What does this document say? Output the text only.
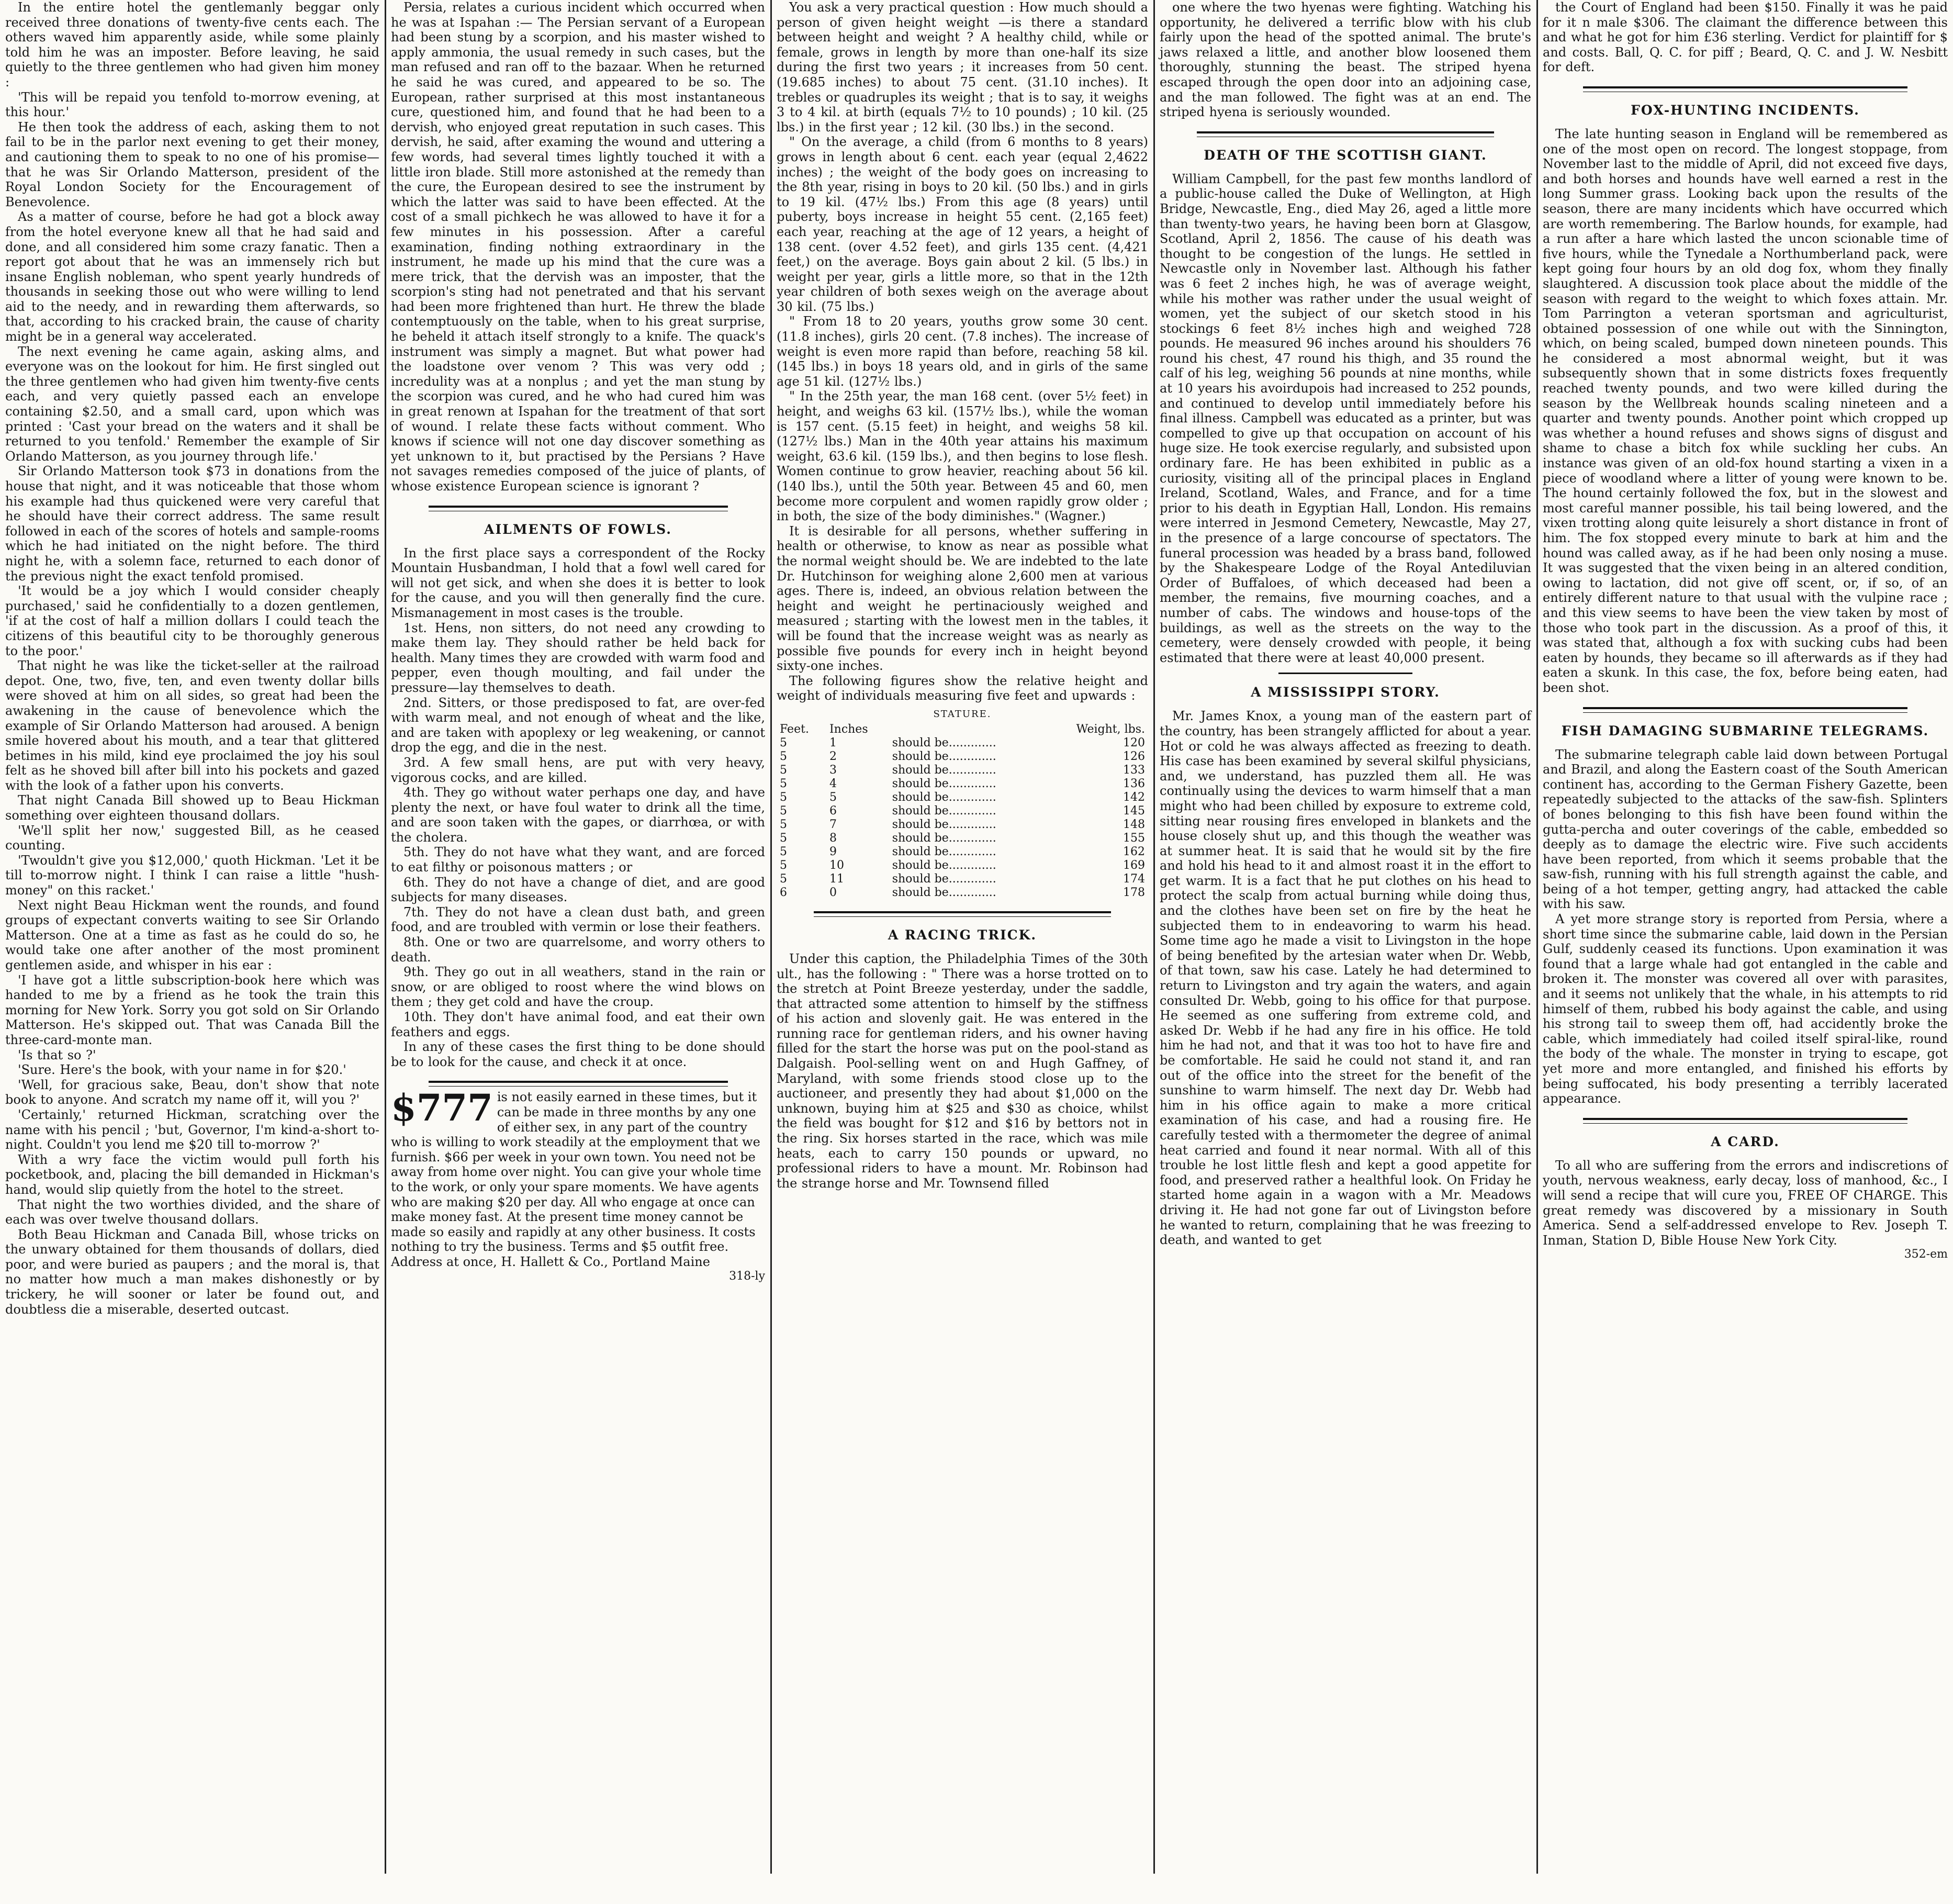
In the entire hotel the gentlemanly beggar only received three donations of twenty-five cents each. The others waved him apparently aside, while some plainly told him he was an imposter. Before leaving, he said quietly to the three gentlemen who had given him money :

'This will be repaid you tenfold to-morrow evening, at this hour.'

He then took the address of each, asking them to not fail to be in the parlor next evening to get their money, and cautioning them to speak to no one of his promise—that he was Sir Orlando Matterson, president of the Royal London Society for the Encouragement of Benevolence.

As a matter of course, before he had got a block away from the hotel everyone knew all that he had said and done, and all considered him some crazy fanatic. Then a report got about that he was an immensely rich but insane English nobleman, who spent yearly hundreds of thousands in seeking those out who were willing to lend aid to the needy, and in rewarding them afterwards, so that, according to his cracked brain, the cause of charity might be in a general way accelerated.

The next evening he came again, asking alms, and everyone was on the lookout for him. He first singled out the three gentlemen who had given him twenty-five cents each, and very quietly passed each an envelope containing $2.50, and a small card, upon which was printed : 'Cast your bread on the waters and it shall be returned to you tenfold.' Remember the example of Sir Orlando Matterson, as you journey through life.'

Sir Orlando Matterson took $73 in donations from the house that night, and it was noticeable that those whom his example had thus quickened were very careful that he should have their correct address. The same result followed in each of the scores of hotels and sample-rooms which he had initiated on the night before. The third night he, with a solemn face, returned to each donor of the previous night the exact tenfold promised.

'It would be a joy which I would consider cheaply purchased,' said he confidentially to a dozen gentlemen, 'if at the cost of half a million dollars I could teach the citizens of this beautiful city to be thoroughly generous to the poor.'

That night he was like the ticket-seller at the railroad depot. One, two, five, ten, and even twenty dollar bills were shoved at him on all sides, so great had been the awakening in the cause of benevolence which the example of Sir Orlando Matterson had aroused. A benign smile hovered about his mouth, and a tear that glittered betimes in his mild, kind eye proclaimed the joy his soul felt as he shoved bill after bill into his pockets and gazed with the look of a father upon his converts.

That night Canada Bill showed up to Beau Hickman something over eighteen thousand dollars.

'We'll split her now,' suggested Bill, as he ceased counting.

'Twouldn't give you $12,000,' quoth Hickman. 'Let it be till to-morrow night. I think I can raise a little "hush-money" on this racket.'

Next night Beau Hickman went the rounds, and found groups of expectant converts waiting to see Sir Orlando Matterson. One at a time as fast as he could do so, he would take one after another of the most prominent gentlemen aside, and whisper in his ear :

'I have got a little subscription-book here which was handed to me by a friend as he took the train this morning for New York. Sorry you got sold on Sir Orlando Matterson. He's skipped out. That was Canada Bill the three-card-monte man.

'Is that so ?'

'Sure. Here's the book, with your name in for $20.'

'Well, for gracious sake, Beau, don't show that note book to anyone. And scratch my name off it, will you ?'

'Certainly,' returned Hickman, scratching over the name with his pencil ; 'but, Governor, I'm kind-a-short to-night. Couldn't you lend me $20 till to-morrow ?'

With a wry face the victim would pull forth his pocketbook, and, placing the bill demanded in Hickman's hand, would slip quietly from the hotel to the street.

That night the two worthies divided, and the share of each was over twelve thousand dollars.

Both Beau Hickman and Canada Bill, whose tricks on the unwary obtained for them thousands of dollars, died poor, and were buried as paupers ; and the moral is, that no matter how much a man makes dishonestly or by trickery, he will sooner or later be found out, and doubtless die a miserable, deserted outcast.

Persia, relates a curious incident which occurred when he was at Ispahan :— The Persian servant of a European had been stung by a scorpion, and his master wished to apply ammonia, the usual remedy in such cases, but the man refused and ran off to the bazaar. When he returned he said he was cured, and appeared to be so. The European, rather surprised at this most instantaneous cure, questioned him, and found that he had been to a dervish, who enjoyed great reputation in such cases. This dervish, he said, after examing the wound and uttering a few words, had several times lightly touched it with a little iron blade. Still more astonished at the remedy than the cure, the European desired to see the instrument by which the latter was said to have been effected. At the cost of a small pichkech he was allowed to have it for a few minutes in his possession. After a careful examination, finding nothing extraordinary in the instrument, he made up his mind that the cure was a mere trick, that the dervish was an imposter, that the scorpion's sting had not penetrated and that his servant had been more frightened than hurt. He threw the blade contemptuously on the table, when to his great surprise, he beheld it attach itself strongly to a knife. The quack's instrument was simply a magnet. But what power had the loadstone over venom ? This was very odd ; incredulity was at a nonplus ; and yet the man stung by the scorpion was cured, and he who had cured him was in great renown at Ispahan for the treatment of that sort of wound. I relate these facts without comment. Who knows if science will not one day discover something as yet unknown to it, but practised by the Persians ? Have not savages remedies composed of the juice of plants, of whose existence European science is ignorant ?

AILMENTS OF FOWLS.

In the first place says a correspondent of the Rocky Mountain Husbandman, I hold that a fowl well cared for will not get sick, and when she does it is better to look for the cause, and you will then generally find the cure. Mismanagement in most cases is the trouble.

1st. Hens, non sitters, do not need any crowding to make them lay. They should rather be held back for health. Many times they are crowded with warm food and pepper, even though moulting, and fail under the pressure—lay themselves to death.

2nd. Sitters, or those predisposed to fat, are over-fed with warm meal, and not enough of wheat and the like, and are taken with apoplexy or leg weakening, or cannot drop the egg, and die in the nest.

3rd. A few small hens, are put with very heavy, vigorous cocks, and are killed.

4th. They go without water perhaps one day, and have plenty the next, or have foul water to drink all the time, and are soon taken with the gapes, or diarrhœa, or with the cholera.

5th. They do not have what they want, and are forced to eat filthy or poisonous matters ; or

6th. They do not have a change of diet, and are good subjects for many diseases.

7th. They do not have a clean dust bath, and green food, and are troubled with vermin or lose their feathers.

8th. One or two are quarrelsome, and worry others to death.

9th. They go out in all weathers, stand in the rain or snow, or are obliged to roost where the wind blows on them ; they get cold and have the croup.

10th. They don't have animal food, and eat their own feathers and eggs.

In any of these cases the first thing to be done should be to look for the cause, and check it at once.

$777 is not easily earned in these times, but it can be made in three months by any one of either sex, in any part of the country who is willing to work steadily at the employment that we furnish. $66 per week in your own town. You need not be away from home over night. You can give your whole time to the work, or only your spare moments. We have agents who are making $20 per day. All who engage at once can make money fast. At the present time money cannot be made so easily and rapidly at any other business. It costs nothing to try the business. Terms and $5 outfit free. Address at once, H. Hallett & Co., Portland Maine

318-ly

You ask a very practical question : How much should a person of given height weight —is there a standard between height and weight ? A healthy child, while or female, grows in length by more than one-half its size during the first two years ; it increases from 50 cent. (19.685 inches) to about 75 cent. (31.10 inches). It trebles or quadruples its weight ; that is to say, it weighs 3 to 4 kil. at birth (equals 7½ to 10 pounds) ; 10 kil. (25 lbs.) in the first year ; 12 kil. (30 lbs.) in the second.

" On the average, a child (from 6 months to 8 years) grows in length about 6 cent. each year (equal 2,4622 inches) ; the weight of the body goes on increasing to the 8th year, rising in boys to 20 kil. (50 lbs.) and in girls to 19 kil. (47½ lbs.) From this age (8 years) until puberty, boys increase in height 55 cent. (2,165 feet) each year, reaching at the age of 12 years, a height of 138 cent. (over 4.52 feet), and girls 135 cent. (4,421 feet,) on the average. Boys gain about 2 kil. (5 lbs.) in weight per year, girls a little more, so that in the 12th year children of both sexes weigh on the average about 30 kil. (75 lbs.)

" From 18 to 20 years, youths grow some 30 cent. (11.8 inches), girls 20 cent. (7.8 inches). The increase of weight is even more rapid than before, reaching 58 kil. (145 lbs.) in boys 18 years old, and in girls of the same age 51 kil. (127½ lbs.)

" In the 25th year, the man 168 cent. (over 5½ feet) in height, and weighs 63 kil. (157½ lbs.), while the woman is 157 cent. (5.15 feet) in height, and weighs 58 kil. (127½ lbs.) Man in the 40th year attains his maximum weight, 63.6 kil. (159 lbs.), and then begins to lose flesh. Women continue to grow heavier, reaching about 56 kil. (140 lbs.), until the 50th year. Between 45 and 60, men become more corpulent and women rapidly grow older ; in both, the size of the body diminishes." (Wagner.)

It is desirable for all persons, whether suffering in health or otherwise, to know as near as possible what the normal weight should be. We are indebted to the late Dr. Hutchinson for weighing alone 2,600 men at various ages. There is, indeed, an obvious relation between the height and weight he pertinaciously weighed and measured ; starting with the lowest men in the tables, it will be found that the increase weight was as nearly as possible five pounds for every inch in height beyond sixty-one inches.

The following figures show the relative height and weight of individuals measuring five feet and upwards :

STATURE.
Feet.	Inches		Weight, lbs.
5	1	should be.............	120
5	2	should be.............	126
5	3	should be.............	133
5	4	should be.............	136
5	5	should be.............	142
5	6	should be.............	145
5	7	should be.............	148
5	8	should be.............	155
5	9	should be.............	162
5	10	should be.............	169
5	11	should be.............	174
6	0	should be.............	178
A RACING TRICK.

Under this caption, the Philadelphia Times of the 30th ult., has the following : " There was a horse trotted on to the stretch at Point Breeze yesterday, under the saddle, that attracted some attention to himself by the stiffness of his action and slovenly gait. He was entered in the running race for gentleman riders, and his owner having filled for the start the horse was put on the pool-stand as Dalgaish. Pool-selling went on and Hugh Gaffney, of Maryland, with some friends stood close up to the auctioneer, and presently they had about $1,000 on the unknown, buying him at $25 and $30 as choice, whilst the field was bought for $12 and $16 by bettors not in the ring. Six horses started in the race, which was mile heats, each to carry 150 pounds or upward, no professional riders to have a mount. Mr. Robinson had the strange horse and Mr. Townsend filled

one where the two hyenas were fighting. Watching his opportunity, he delivered a terrific blow with his club fairly upon the head of the spotted animal. The brute's jaws relaxed a little, and another blow loosened them thoroughly, stunning the beast. The striped hyena escaped through the open door into an adjoining case, and the man followed. The fight was at an end. The striped hyena is seriously wounded.

DEATH OF THE SCOTTISH GIANT.

William Campbell, for the past few months landlord of a public-house called the Duke of Wellington, at High Bridge, Newcastle, Eng., died May 26, aged a little more than twenty-two years, he having been born at Glasgow, Scotland, April 2, 1856. The cause of his death was thought to be congestion of the lungs. He settled in Newcastle only in November last. Although his father was 6 feet 2 inches high, he was of average weight, while his mother was rather under the usual weight of women, yet the subject of our sketch stood in his stockings 6 feet 8½ inches high and weighed 728 pounds. He measured 96 inches around his shoulders 76 round his chest, 47 round his thigh, and 35 round the calf of his leg, weighing 56 pounds at nine months, while at 10 years his avoirdupois had increased to 252 pounds, and continued to develop until immediately before his final illness. Campbell was educated as a printer, but was compelled to give up that occupation on account of his huge size. He took exercise regularly, and subsisted upon ordinary fare. He has been exhibited in public as a curiosity, visiting all of the principal places in England Ireland, Scotland, Wales, and France, and for a time prior to his death in Egyptian Hall, London. His remains were interred in Jesmond Cemetery, Newcastle, May 27, in the presence of a large concourse of spectators. The funeral procession was headed by a brass band, followed by the Shakespeare Lodge of the Royal Antediluvian Order of Buffaloes, of which deceased had been a member, the remains, five mourning coaches, and a number of cabs. The windows and house-tops of the buildings, as well as the streets on the way to the cemetery, were densely crowded with people, it being estimated that there were at least 40,000 present.

A MISSISSIPPI STORY.

Mr. James Knox, a young man of the eastern part of the country, has been strangely afflicted for about a year. Hot or cold he was always affected as freezing to death. His case has been examined by several skilful physicians, and, we understand, has puzzled them all. He was continually using the devices to warm himself that a man might who had been chilled by exposure to extreme cold, sitting near rousing fires enveloped in blankets and the house closely shut up, and this though the weather was at summer heat. It is said that he would sit by the fire and hold his head to it and almost roast it in the effort to get warm. It is a fact that he put clothes on his head to protect the scalp from actual burning while doing thus, and the clothes have been set on fire by the heat he subjected them to in endeavoring to warm his head. Some time ago he made a visit to Livingston in the hope of being benefited by the artesian water when Dr. Webb, of that town, saw his case. Lately he had determined to return to Livingston and try again the waters, and again consulted Dr. Webb, going to his office for that purpose. He seemed as one suffering from extreme cold, and asked Dr. Webb if he had any fire in his office. He told him he had not, and that it was too hot to have fire and be comfortable. He said he could not stand it, and ran out of the office into the street for the benefit of the sunshine to warm himself. The next day Dr. Webb had him in his office again to make a more critical examination of his case, and had a rousing fire. He carefully tested with a thermometer the degree of animal heat carried and found it near normal. With all of this trouble he lost little flesh and kept a good appetite for food, and preserved rather a healthful look. On Friday he started home again in a wagon with a Mr. Meadows driving it. He had not gone far out of Livingston before he wanted to return, complaining that he was freezing to death, and wanted to get

the Court of England had been $150. Finally it was he paid for it n male $306. The claimant the difference between this and what he got for him £36 sterling. Verdict for plaintiff for $ and costs. Ball, Q. C. for piff ; Beard, Q. C. and J. W. Nesbitt for deft.

FOX-HUNTING INCIDENTS.

The late hunting season in England will be remembered as one of the most open on record. The longest stoppage, from November last to the middle of April, did not exceed five days, and both horses and hounds have well earned a rest in the long Summer grass. Looking back upon the results of the season, there are many incidents which have occurred which are worth remembering. The Barlow hounds, for example, had a run after a hare which lasted the uncon scionable time of five hours, while the Tynedale a Northumberland pack, were kept going four hours by an old dog fox, whom they finally slaughtered. A discussion took place about the middle of the season with regard to the weight to which foxes attain. Mr. Tom Parrington a veteran sportsman and agriculturist, obtained possession of one while out with the Sinnington, which, on being scaled, bumped down nineteen pounds. This he considered a most abnormal weight, but it was subsequently shown that in some districts foxes frequently reached twenty pounds, and two were killed during the season by the Wellbreak hounds scaling nineteen and a quarter and twenty pounds. Another point which cropped up was whether a hound refuses and shows signs of disgust and shame to chase a bitch fox while suckling her cubs. An instance was given of an old-fox hound starting a vixen in a piece of woodland where a litter of young were known to be. The hound certainly followed the fox, but in the slowest and most careful manner possible, his tail being lowered, and the vixen trotting along quite leisurely a short distance in front of him. The fox stopped every minute to bark at him and the hound was called away, as if he had been only nosing a muse. It was suggested that the vixen being in an altered condition, owing to lactation, did not give off scent, or, if so, of an entirely different nature to that usual with the vulpine race ; and this view seems to have been the view taken by most of those who took part in the discussion. As a proof of this, it was stated that, although a fox with sucking cubs had been eaten by hounds, they became so ill afterwards as if they had eaten a skunk. In this case, the fox, before being eaten, had been shot.

FISH DAMAGING SUBMARINE TELEGRAMS.

The submarine telegraph cable laid down between Portugal and Brazil, and along the Eastern coast of the South American continent has, according to the German Fishery Gazette, been repeatedly subjected to the attacks of the saw-fish. Splinters of bones belonging to this fish have been found within the gutta-percha and outer coverings of the cable, embedded so deeply as to damage the electric wire. Five such accidents have been reported, from which it seems probable that the saw-fish, running with his full strength against the cable, and being of a hot temper, getting angry, had attacked the cable with his saw.

A yet more strange story is reported from Persia, where a short time since the submarine cable, laid down in the Persian Gulf, suddenly ceased its functions. Upon examination it was found that a large whale had got entangled in the cable and broken it. The monster was covered all over with parasites, and it seems not unlikely that the whale, in his attempts to rid himself of them, rubbed his body against the cable, and using his strong tail to sweep them off, had accidently broke the cable, which immediately had coiled itself spiral-like, round the body of the whale. The monster in trying to escape, got yet more and more entangled, and finished his efforts by being suffocated, his body presenting a terribly lacerated appearance.

A CARD.

To all who are suffering from the errors and indiscretions of youth, nervous weakness, early decay, loss of manhood, &c., I will send a recipe that will cure you, FREE OF CHARGE. This great remedy was discovered by a missionary in South America. Send a self-addressed envelope to Rev. Joseph T. Inman, Station D, Bible House New York City.

352-em
